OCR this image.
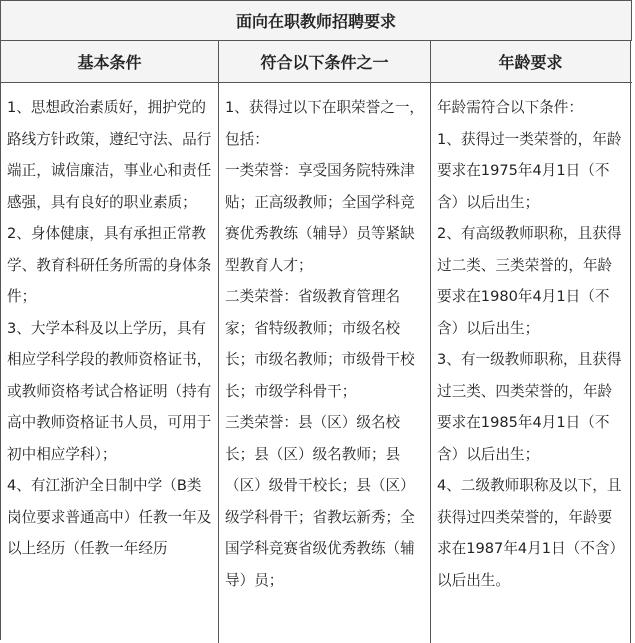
面向在职教师招聘要求
基本条件	符合以下条件之一	年龄要求

1、思想政治素质好，拥护党的路线方针政策，遵纪守法、品行端正，诚信廉洁，事业心和责任感强，具有良好的职业素质；

2、身体健康，具有承担正常教学、教育科研任务所需的身体条件；

3、大学本科及以上学历，具有相应学科学段的教师资格证书，或教师资格考试合格证明（持有高中教师资格证书人员，可用于初中相应学科）；

4、有江浙沪全日制中学（B类岗位要求普通高中）任教一年及以上经历（任教一年经历

1、获得过以下在职荣誉之一，包括：

一类荣誉：享受国务院特殊津贴；正高级教师；全国学科竞赛优秀教练（辅导）员等紧缺型教育人才；

二类荣誉：省级教育管理名家；省特级教师；市级名校长；市级名教师；市级骨干校长；市级学科骨干；

三类荣誉：县（区）级名校长；县（区）级名教师；县（区）级骨干校长；县（区）级学科骨干；省教坛新秀；全国学科竞赛省级优秀教练（辅导）员；

年龄需符合以下条件：

1、获得过一类荣誉的，年龄要求在1975年4月1日（不含）以后出生；

2、有高级教师职称，且获得过二类、三类荣誉的，年龄要求在1980年4月1日（不含）以后出生；

3、有一级教师职称，且获得过三类、四类荣誉的，年龄要求在1985年4月1日（不含）以后出生；

4、二级教师职称及以下，且获得过四类荣誉的，年龄要求在1987年4月1日（不含）以后出生。
